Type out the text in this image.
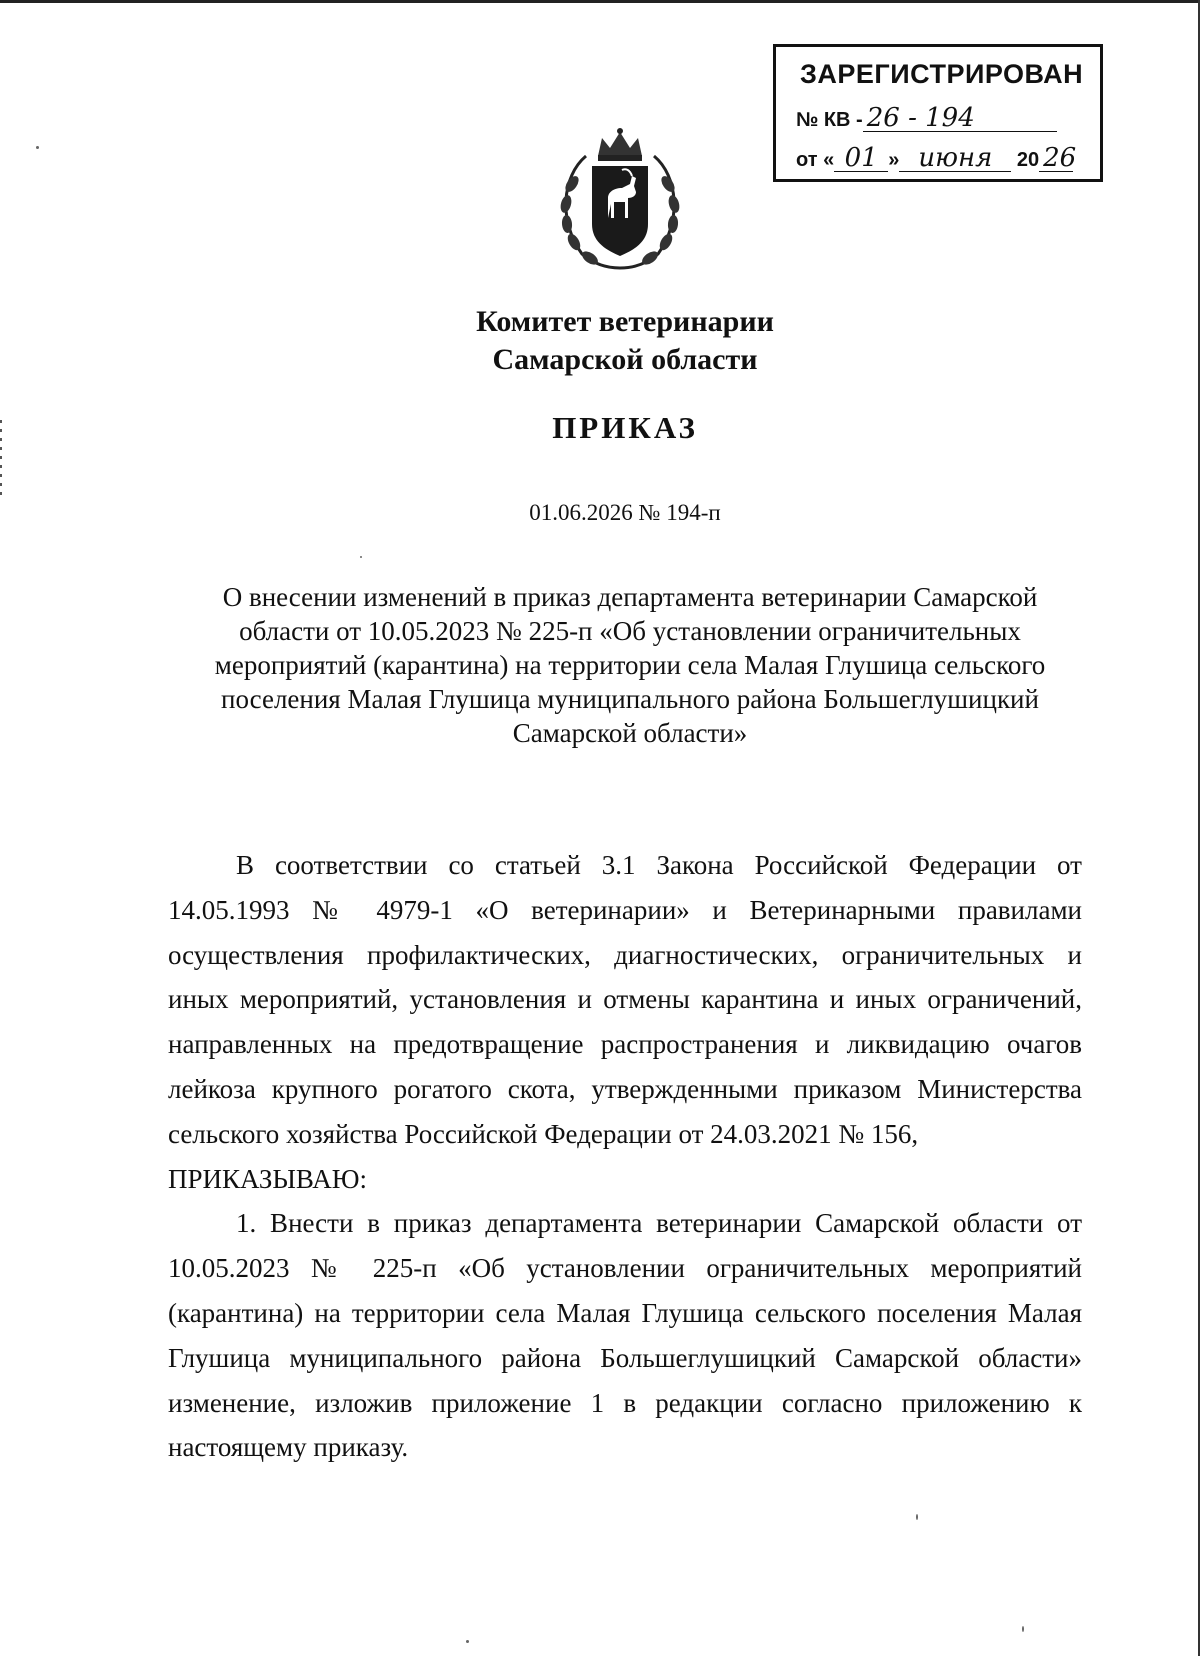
ЗАРЕГИСТРИРОВАН
№ КВ - 26 - 194
от « 01 » июня 20 26
Комитет ветеринарии
Самарской области
ПРИКАЗ
01.06.2026 № 194-п
О внесении изменений в приказ департамента ветеринарии Самарской области от 10.05.2023 № 225-п «Об установлении ограничительных мероприятий (карантина) на территории села Малая Глушица сельского поселения Малая Глушица муниципального района Большеглушицкий Самарской области»

В соответствии со статьей 3.1 Закона Российской Федерации от 14.05.1993 № 4979-1 «О ветеринарии» и Ветеринарными правилами осуществления профилактических, диагностических, ограничительных и иных мероприятий, установления и отмены карантина и иных ограничений, направленных на предотвращение распространения и ликвидацию очагов лейкоза крупного рогатого скота, утвержденными приказом Министерства сельского хозяйства Российской Федерации от 24.03.2021 № 156,

ПРИКАЗЫВАЮ:

1. Внести в приказ департамента ветеринарии Самарской области от 10.05.2023 № 225-п «Об установлении ограничительных мероприятий (карантина) на территории села Малая Глушица сельского поселения Малая Глушица муниципального района Большеглушицкий Самарской области» изменение, изложив приложение 1 в редакции согласно приложению к настоящему приказу.
